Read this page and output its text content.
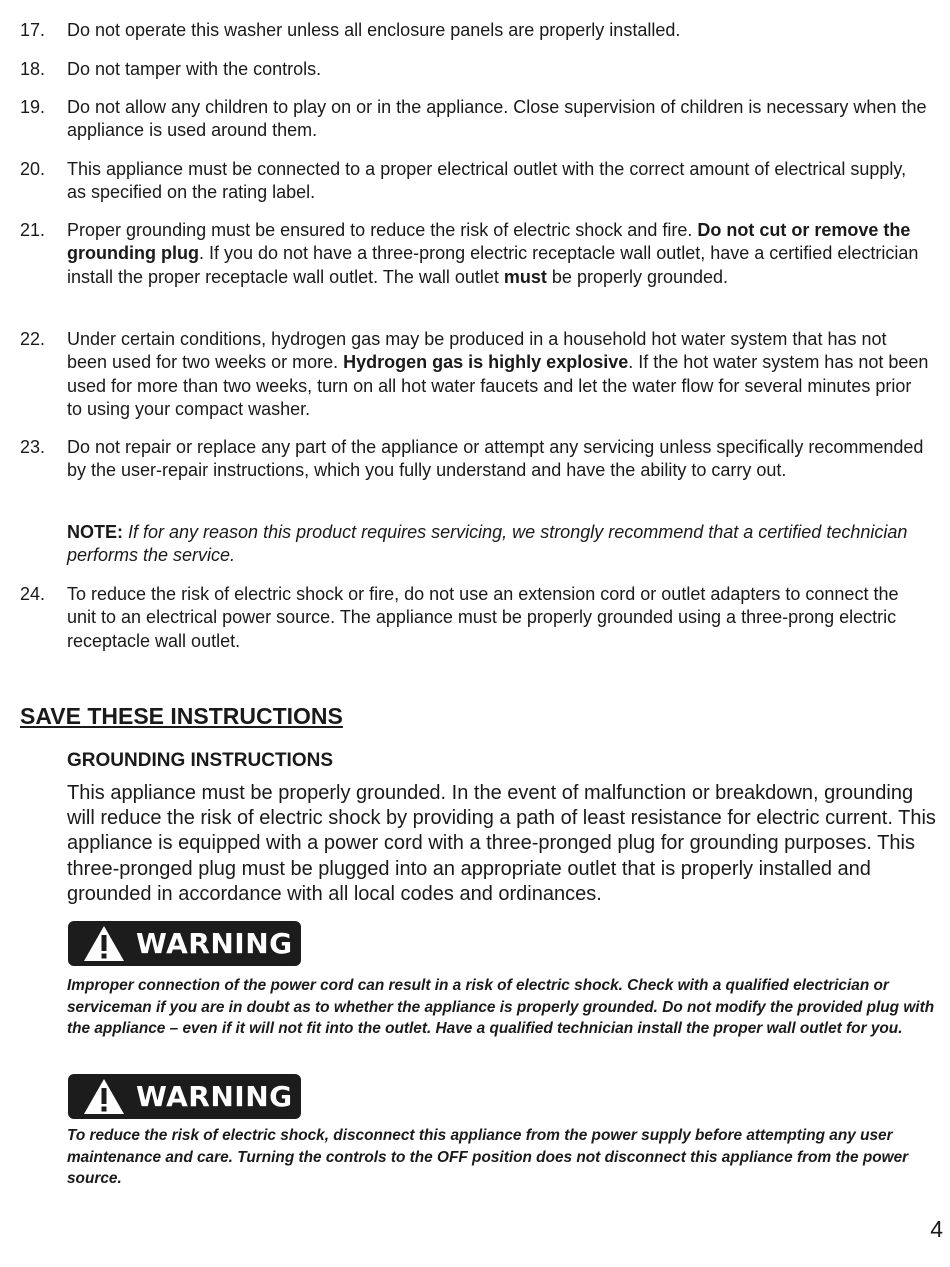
17. Do not operate this washer unless all enclosure panels are properly installed.
18. Do not tamper with the controls.
19. Do not allow any children to play on or in the appliance. Close supervision of children is necessary when the appliance is used around them.
20. This appliance must be connected to a proper electrical outlet with the correct amount of electrical supply, as specified on the rating label.
21. Proper grounding must be ensured to reduce the risk of electric shock and fire. Do not cut or remove the grounding plug. If you do not have a three-prong electric receptacle wall outlet, have a certified electrician install the proper receptacle wall outlet. The wall outlet must be properly grounded.
22. Under certain conditions, hydrogen gas may be produced in a household hot water system that has not been used for two weeks or more. Hydrogen gas is highly explosive. If the hot water system has not been used for more than two weeks, turn on all hot water faucets and let the water flow for several minutes prior to using your compact washer.
23. Do not repair or replace any part of the appliance or attempt any servicing unless specifically recommended by the user-repair instructions, which you fully understand and have the ability to carry out.
NOTE: If for any reason this product requires servicing, we strongly recommend that a certified technician performs the service.
24. To reduce the risk of electric shock or fire, do not use an extension cord or outlet adapters to connect the unit to an electrical power source. The appliance must be properly grounded using a three-prong electric receptacle wall outlet.
SAVE THESE INSTRUCTIONS
GROUNDING INSTRUCTIONS
This appliance must be properly grounded. In the event of malfunction or breakdown, grounding will reduce the risk of electric shock by providing a path of least resistance for electric current. This appliance is equipped with a power cord with a three-pronged plug for grounding purposes. This three-pronged plug must be plugged into an appropriate outlet that is properly installed and grounded in accordance with all local codes and ordinances.
WARNING
Improper connection of the power cord can result in a risk of electric shock. Check with a qualified electrician or serviceman if you are in doubt as to whether the appliance is properly grounded. Do not modify the provided plug with the appliance – even if it will not fit into the outlet. Have a qualified technician install the proper wall outlet for you.
WARNING
To reduce the risk of electric shock, disconnect this appliance from the power supply before attempting any user maintenance and care. Turning the controls to the OFF position does not disconnect this appliance from the power source.
4
